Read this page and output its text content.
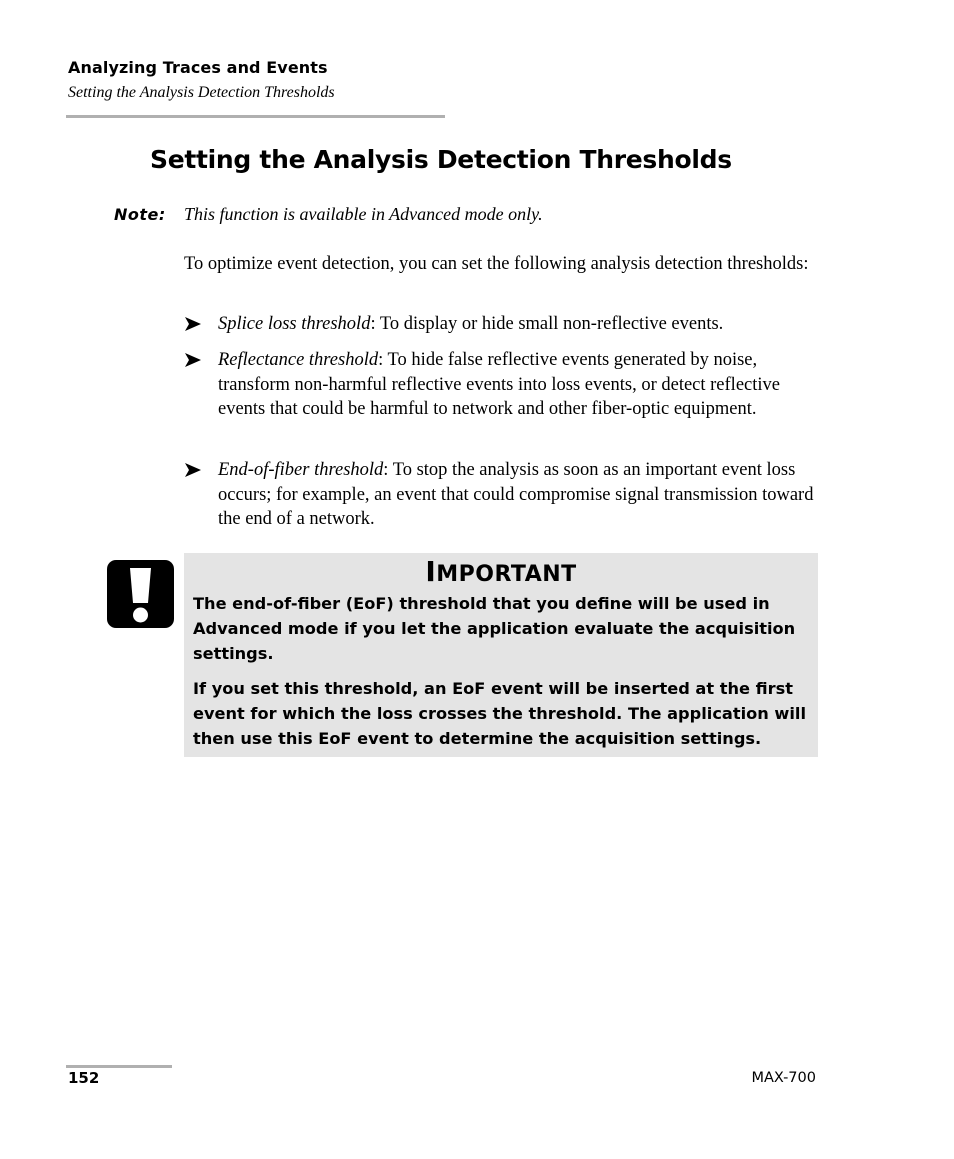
Analyzing Traces and Events
Setting the Analysis Detection Thresholds
Setting the Analysis Detection Thresholds
Note: This function is available in Advanced mode only.

To optimize event detection, you can set the following analysis detection thresholds:

Splice loss threshold: To display or hide small non-reflective events.
Reflectance threshold: To hide false reflective events generated by noise, transform non-harmful reflective events into loss events, or detect reflective events that could be harmful to network and other fiber-optic equipment.
End-of-fiber threshold: To stop the analysis as soon as an important event loss occurs; for example, an event that could compromise signal transmission toward the end of a network.
IMPORTANT

The end-of-fiber (EoF) threshold that you define will be used in Advanced mode if you let the application evaluate the acquisition settings.

If you set this threshold, an EoF event will be inserted at the first event for which the loss crosses the threshold. The application will then use this EoF event to determine the acquisition settings.

152	MAX-700
